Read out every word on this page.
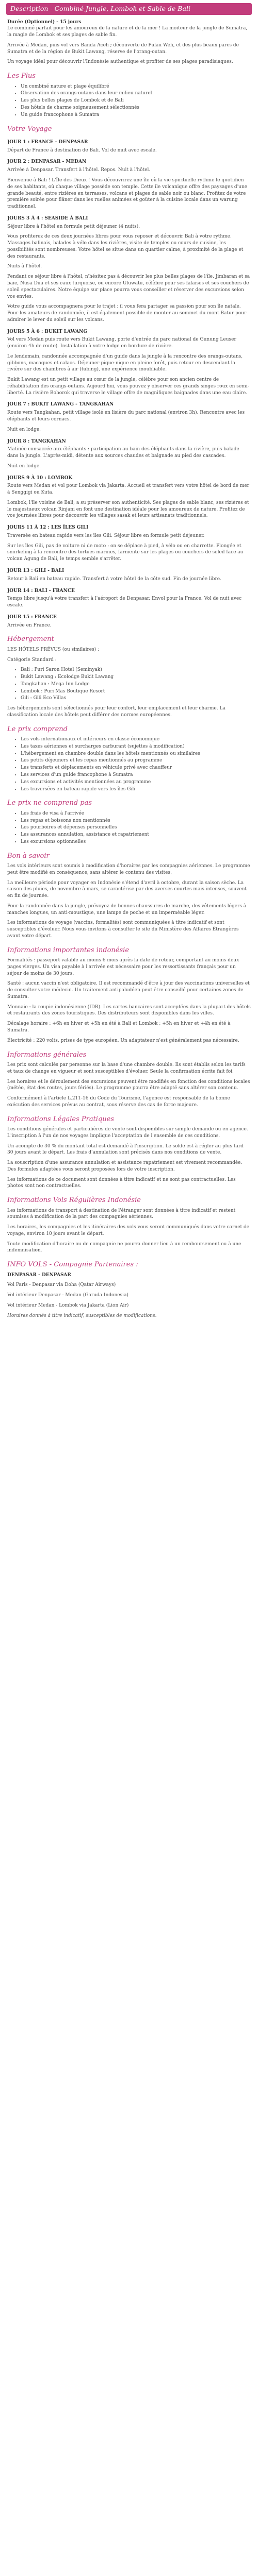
Description - Combiné Jungle, Lombok et Sable de Bali

Durée (Optionnel) - 15 jours

Le combiné parfait pour les amoureux de la nature et de la mer ! La moiteur de la jungle de Sumatra, la magie de Lombok et ses plages de sable fin.

Arrivée à Medan, puis vol vers Banda Aceh ; découverte de Pulau Weh, et des plus beaux parcs de Sumatra et de la région de Bukit Lawang, réserve de l'orang-outan.

Un voyage idéal pour découvrir l'Indonésie authentique et profiter de ses plages paradisiaques.

Les Plus
• Un combiné nature et plage équilibré
• Observation des orangs-outans dans leur milieu naturel
• Les plus belles plages de Lombok et de Bali
• Des hôtels de charme soigneusement sélectionnés
• Un guide francophone à Sumatra
Votre Voyage
JOUR 1 : FRANCE - DENPASAR

Départ de France à destination de Bali. Vol de nuit avec escale.

JOUR 2 : DENPASAR - MEDAN

Arrivée à Denpasar. Transfert à l'hôtel. Repos. Nuit à l'hôtel.

Bienvenue à Bali ! L'Île des Dieux ! Vous découvrirez une île où la vie spirituelle rythme le quotidien de ses habitants, où chaque village possède son temple. Cette île volcanique offre des paysages d'une grande beauté, entre rizières en terrasses, volcans et plages de sable noir ou blanc. Profitez de votre première soirée pour flâner dans les ruelles animées et goûter à la cuisine locale dans un warung traditionnel.

JOURS 3 À 4 : SEASIDE À BALI

Séjour libre à l'hôtel en formule petit déjeuner (4 nuits).

Vous profiterez de ces deux journées libres pour vous reposer et découvrir Bali à votre rythme. Massages balinais, balades à vélo dans les rizières, visite de temples ou cours de cuisine, les possibilités sont nombreuses. Votre hôtel se situe dans un quartier calme, à proximité de la plage et des restaurants.

Nuits à l'hôtel.

Pendant ce séjour libre à l'hôtel, n'hésitez pas à découvrir les plus belles plages de l'île. Jimbaran et sa baie, Nusa Dua et ses eaux turquoise, ou encore Uluwatu, célèbre pour ses falaises et ses couchers de soleil spectaculaires. Notre équipe sur place pourra vous conseiller et réserver des excursions selon vos envies.

Votre guide vous accompagnera pour le trajet : il vous fera partager sa passion pour son île natale. Pour les amateurs de randonnée, il est également possible de monter au sommet du mont Batur pour admirer le lever du soleil sur les volcans.

JOURS 5 À 6 : BUKIT LAWANG

Vol vers Medan puis route vers Bukit Lawang, porte d'entrée du parc national de Gunung Leuser (environ 4h de route). Installation à votre lodge en bordure de rivière.

Le lendemain, randonnée accompagnée d'un guide dans la jungle à la rencontre des orangs-outans, gibbons, macaques et calaos. Déjeuner pique-nique en pleine forêt, puis retour en descendant la rivière sur des chambres à air (tubing), une expérience inoubliable.

Bukit Lawang est un petit village au cœur de la jungle, célèbre pour son ancien centre de réhabilitation des orangs-outans. Aujourd'hui, vous pouvez y observer ces grands singes roux en semi-liberté. La rivière Bohorok qui traverse le village offre de magnifiques baignades dans une eau claire.

JOUR 7 : BUKIT LAWANG - TANGKAHAN

Route vers Tangkahan, petit village isolé en lisière du parc national (environ 3h). Rencontre avec les éléphants et leurs cornacs.

Nuit en lodge.

JOUR 8 : TANGKAHAN

Matinée consacrée aux éléphants : participation au bain des éléphants dans la rivière, puis balade dans la jungle. L'après-midi, détente aux sources chaudes et baignade au pied des cascades.

Nuit en lodge.

JOURS 9 À 10 : LOMBOK

Route vers Medan et vol pour Lombok via Jakarta. Accueil et transfert vers votre hôtel de bord de mer à Senggigi ou Kuta.

Lombok, l'île voisine de Bali, a su préserver son authenticité. Ses plages de sable blanc, ses rizières et le majestueux volcan Rinjani en font une destination idéale pour les amoureux de nature. Profitez de vos journées libres pour découvrir les villages sasak et leurs artisanats traditionnels.

JOURS 11 À 12 : LES ÎLES GILI

Traversée en bateau rapide vers les îles Gili. Séjour libre en formule petit déjeuner.

Sur les îles Gili, pas de voiture ni de moto : on se déplace à pied, à vélo ou en charrette. Plongée et snorkeling à la rencontre des tortues marines, farniente sur les plages ou couchers de soleil face au volcan Agung de Bali, le temps semble s'arrêter.

JOUR 13 : GILI - BALI

Retour à Bali en bateau rapide. Transfert à votre hôtel de la côte sud. Fin de journée libre.

JOUR 14 : BALI - FRANCE

Temps libre jusqu'à votre transfert à l'aéroport de Denpasar. Envol pour la France. Vol de nuit avec escale.

JOUR 15 : FRANCE

Arrivée en France.

Hébergement

LES HÔTELS PRÉVUS (ou similaires) :

Catégorie Standard :

• Bali : Puri Saron Hotel (Seminyak)
• Bukit Lawang : Ecolodge Bukit Lawang
• Tangkahan : Mega Inn Lodge
• Lombok : Puri Mas Boutique Resort
• Gili : Gili Eco Villas

Les hébergements sont sélectionnés pour leur confort, leur emplacement et leur charme. La classification locale des hôtels peut différer des normes européennes.

Le prix comprend
• Les vols internationaux et intérieurs en classe économique
• Les taxes aériennes et surcharges carburant (sujettes à modification)
• L'hébergement en chambre double dans les hôtels mentionnés ou similaires
• Les petits déjeuners et les repas mentionnés au programme
• Les transferts et déplacements en véhicule privé avec chauffeur
• Les services d'un guide francophone à Sumatra
• Les excursions et activités mentionnées au programme
• Les traversées en bateau rapide vers les îles Gili
Le prix ne comprend pas
• Les frais de visa à l'arrivée
• Les repas et boissons non mentionnés
• Les pourboires et dépenses personnelles
• Les assurances annulation, assistance et rapatriement
• Les excursions optionnelles
Bon à savoir

Les vols intérieurs sont soumis à modification d'horaires par les compagnies aériennes. Le programme peut être modifié en conséquence, sans altérer le contenu des visites.

La meilleure période pour voyager en Indonésie s'étend d'avril à octobre, durant la saison sèche. La saison des pluies, de novembre à mars, se caractérise par des averses courtes mais intenses, souvent en fin de journée.

Pour la randonnée dans la jungle, prévoyez de bonnes chaussures de marche, des vêtements légers à manches longues, un anti-moustique, une lampe de poche et un imperméable léger.

Les informations de voyage (vaccins, formalités) sont communiquées à titre indicatif et sont susceptibles d'évoluer. Nous vous invitons à consulter le site du Ministère des Affaires Étrangères avant votre départ.

Informations importantes indonésie

Formalités : passeport valable au moins 6 mois après la date de retour, comportant au moins deux pages vierges. Un visa payable à l'arrivée est nécessaire pour les ressortissants français pour un séjour de moins de 30 jours.

Santé : aucun vaccin n'est obligatoire. Il est recommandé d'être à jour des vaccinations universelles et de consulter votre médecin. Un traitement antipaludéen peut être conseillé pour certaines zones de Sumatra.

Monnaie : la roupie indonésienne (IDR). Les cartes bancaires sont acceptées dans la plupart des hôtels et restaurants des zones touristiques. Des distributeurs sont disponibles dans les villes.

Décalage horaire : +6h en hiver et +5h en été à Bali et Lombok ; +5h en hiver et +4h en été à Sumatra.

Électricité : 220 volts, prises de type européen. Un adaptateur n'est généralement pas nécessaire.

Informations générales

Les prix sont calculés par personne sur la base d'une chambre double. Ils sont établis selon les tarifs et taux de change en vigueur et sont susceptibles d'évoluer. Seule la confirmation écrite fait foi.

Les horaires et le déroulement des excursions peuvent être modifiés en fonction des conditions locales (météo, état des routes, jours fériés). Le programme pourra être adapté sans altérer son contenu.

Conformément à l'article L.211-16 du Code du Tourisme, l'agence est responsable de la bonne exécution des services prévus au contrat, sous réserve des cas de force majeure.

Informations Légales Pratiques

Les conditions générales et particulières de vente sont disponibles sur simple demande ou en agence. L'inscription à l'un de nos voyages implique l'acceptation de l'ensemble de ces conditions.

Un acompte de 30 % du montant total est demandé à l'inscription. Le solde est à régler au plus tard 30 jours avant le départ. Les frais d'annulation sont précisés dans nos conditions de vente.

La souscription d'une assurance annulation et assistance rapatriement est vivement recommandée. Des formules adaptées vous seront proposées lors de votre inscription.

Les informations de ce document sont données à titre indicatif et ne sont pas contractuelles. Les photos sont non contractuelles.

Informations Vols Régulières Indonésie

Les informations de transport à destination de l'étranger sont données à titre indicatif et restent soumises à modification de la part des compagnies aériennes.

Les horaires, les compagnies et les itinéraires des vols vous seront communiqués dans votre carnet de voyage, environ 10 jours avant le départ.

Toute modification d'horaire ou de compagnie ne pourra donner lieu à un remboursement ou à une indemnisation.

INFO VOLS - Compagnie Partenaires :

DENPASAR - DENPASAR

Vol Paris - Denpasar via Doha (Qatar Airways)

Vol intérieur Denpasar - Medan (Garuda Indonesia)

Vol intérieur Medan - Lombok via Jakarta (Lion Air)

Horaires donnés à titre indicatif, susceptibles de modifications.
